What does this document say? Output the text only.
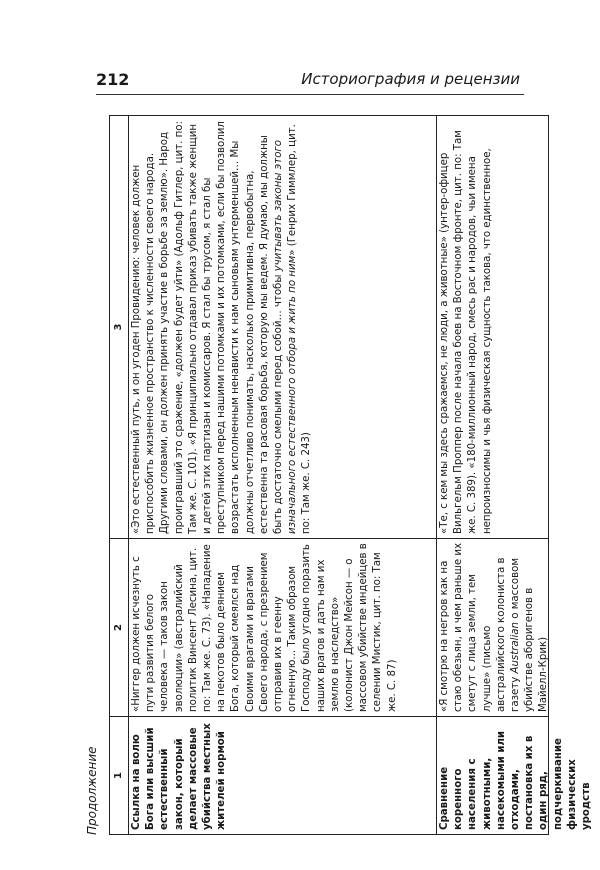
212	Историография и рецензии
Продолжение	1
2
3
Ссылка на волю Бога или высший естественный закон, который делает массовые убийства местных жителей нормой
«Ниггер должен исчезнуть с пути развития белого человека — таков закон эволюции» (австралийский политик Винсент Лесина, цит. по: Там же. С. 73). «Нападение на пекотов было деянием Бога, который смеялся над Своими врагами и врагами Своего народа, с презрением отправив их в геенну огненную... Таким образом Господу было угодно поразить наших врагов и дать нам их землю в наследство» (колонист Джон Мейсон — о массовом убийстве индейцев в селении Мистик, цит. по: Там же. С. 87)
«Это естественный путь, и он угоден Провидению: человек должен приспособить жизненное пространство к численности своего народа. Другими словами, он должен принять участие в борьбе за землю». Народ проигравший это сражение, «должен будет уйти» (Адольф Гитлер, цит. по: Там же. С. 101). «Я принципиально отдавал приказ убивать также женщин и детей этих партизан и комиссаров. Я стал бы трусом, я стал бы преступником перед нашими потомками и их потомками, если бы позволил возрастать исполненным ненависти к нам сыновьям унтерменшей… Мы должны отчетливо понимать, насколько примитивна, первобытна, естественна та расовая борьба, которую мы ведем. Я думаю, мы должны быть достаточно смелыми перед собой… чтобы учитывать законы этого изначального естественного отбора и жить по ним» (Генрих Гиммлер, цит. по: Там же. С. 243)
Сравнение коренного населения с животными, насекомыми или отходами, постановка их в один ряд, подчеркивание физических уродств
«Я смотрю на негров как на стаю обезьян, и чем раньше их сметут с лица земли, тем лучше» (письмо австралийского колониста в газету Australian о массовом убийстве аборигенов в Майелл-Крик)
«Те, с кем мы здесь сражаемся, не люди, а животные» (унтер-офицер Вильгельм Проппер после начала боев на Восточном фронте, цит. по: Там же. С. 389). «180-миллионный народ, смесь рас и народов, чьи имена непроизносимы и чья физическая сущность такова, что единственное,
